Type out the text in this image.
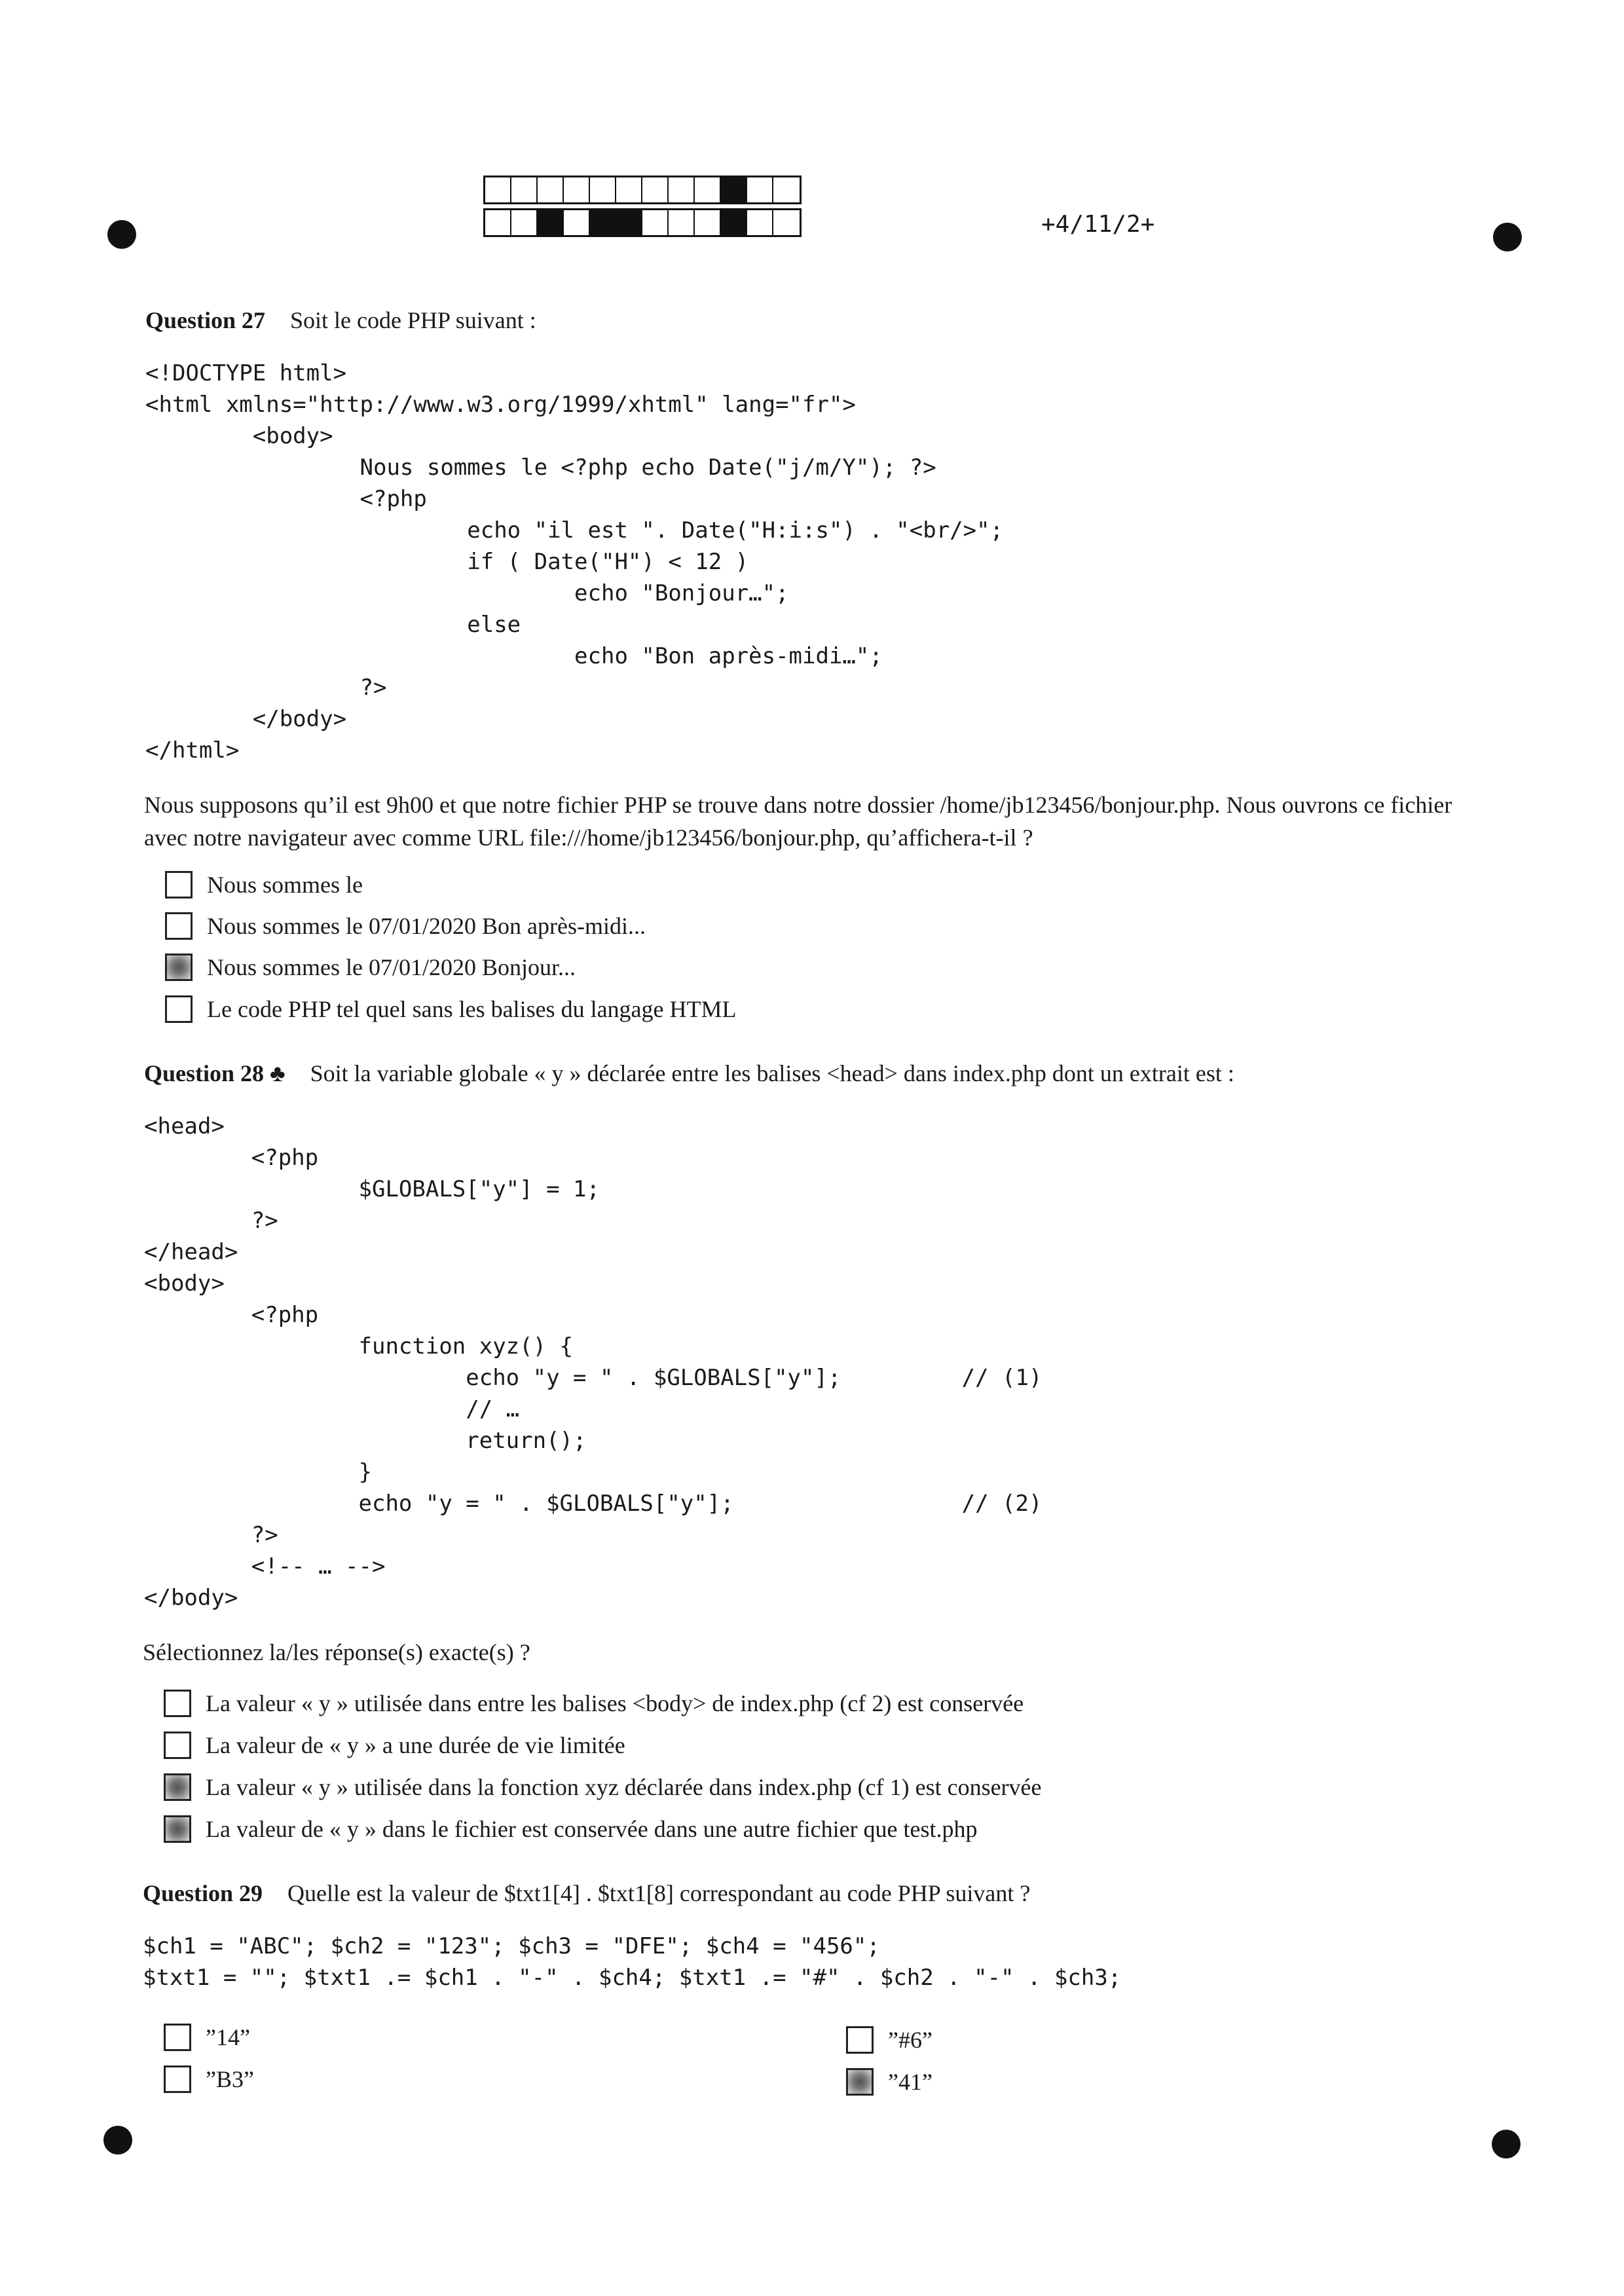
+4/11/2+
Question 27 Soit le code PHP suivant :
<!DOCTYPE html>
<html xmlns="http://www.w3.org/1999/xhtml" lang="fr">
<body>
Nous sommes le <?php echo Date("j/m/Y"); ?>
<?php
echo "il est ". Date("H:i:s") . "<br/>";
if ( Date("H") < 12 )
echo "Bonjour…";
else
echo "Bon après-midi…";
?>
</body>
</html>
Nous supposons qu’il est 9h00 et que notre fichier PHP se trouve dans notre dossier /home/jb123456/bonjour.php. Nous ouvrons ce fichier avec notre navigateur avec comme URL file:///home/jb123456/bonjour.php, qu’affichera-t-il ?
Nous sommes le
Nous sommes le 07/01/2020 Bon après-midi...
Nous sommes le 07/01/2020 Bonjour...
Le code PHP tel quel sans les balises du langage HTML
Question 28 ♣ Soit la variable globale « y » déclarée entre les balises <head> dans index.php dont un extrait est :
<head>
<?php
$GLOBALS["y"] = 1;
?>
</head>
<body>
<?php
function xyz() {
echo "y = " . $GLOBALS["y"];         // (1)
// …
return();
}
echo "y = " . $GLOBALS["y"];                 // (2)
?>
<!-- … -->
</body>
Sélectionnez la/les réponse(s) exacte(s) ?
La valeur « y » utilisée dans entre les balises <body> de index.php (cf 2) est conservée
La valeur de « y » a une durée de vie limitée
La valeur « y » utilisée dans la fonction xyz déclarée dans index.php (cf 1) est conservée
La valeur de « y » dans le fichier est conservée dans une autre fichier que test.php
Question 29 Quelle est la valeur de $txt1[4] . $txt1[8] correspondant au code PHP suivant ?
$ch1 = "ABC"; $ch2 = "123"; $ch3 = "DFE"; $ch4 = "456";
$txt1 = ""; $txt1 .= $ch1 . "-" . $ch4; $txt1 .= "#" . $ch2 . "-" . $ch3;
”14”	”#6”
”B3”	”41”
